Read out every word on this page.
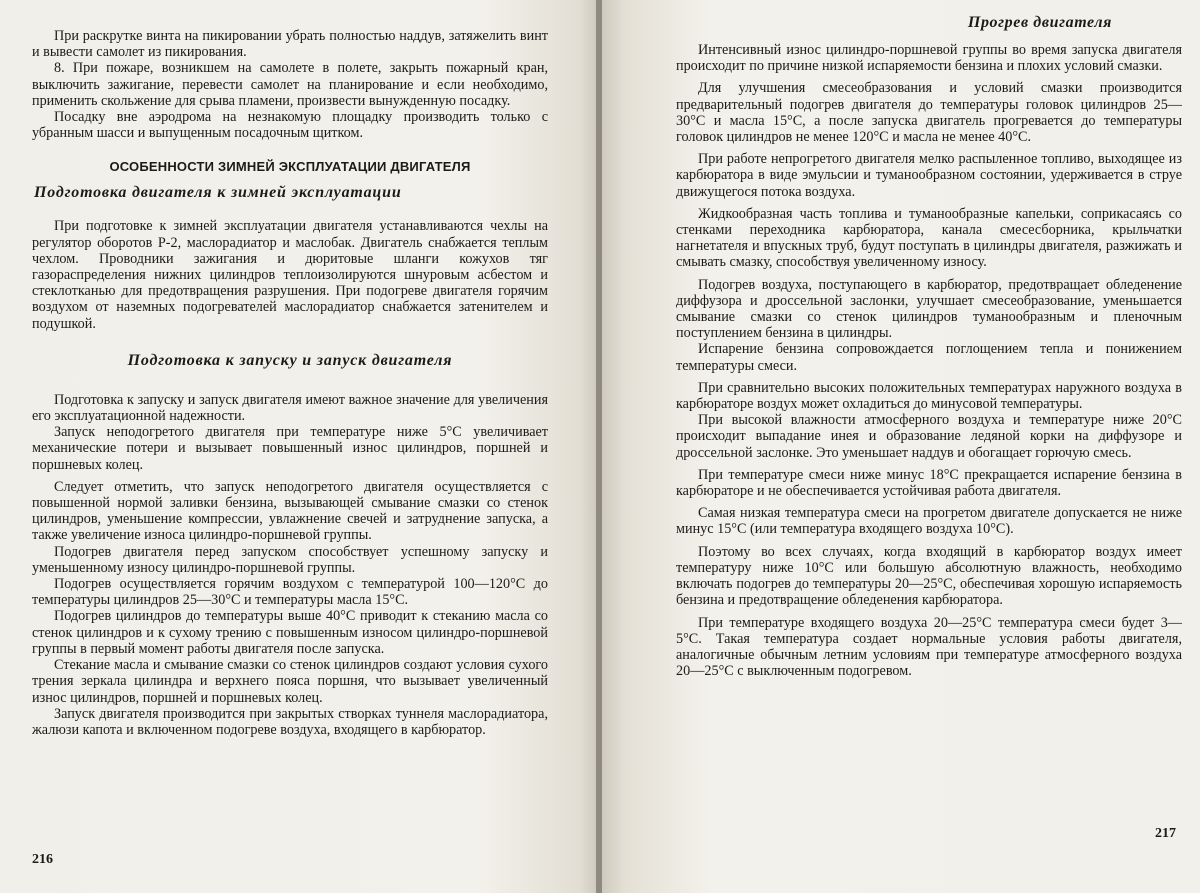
При раскрутке винта на пикировании убрать полностью наддув, затяжелить винт и вывести самолет из пикирования.

8. При пожаре, возникшем на самолете в полете, закрыть пожарный кран, выключить зажигание, перевести самолет на планирование и если необходимо, применить скольжение для срыва пламени, произвести вынужденную посадку.

Посадку вне аэродрома на незнакомую площадку производить только с убранным шасси и выпущенным посадочным щитком.

ОСОБЕННОСТИ ЗИМНЕЙ ЭКСПЛУАТАЦИИ ДВИГАТЕЛЯ
Подготовка двигателя к зимней эксплуатации

При подготовке к зимней эксплуатации двигателя устанавливаются чехлы на регулятор оборотов Р-2, маслорадиатор и маслобак. Двигатель снабжается теплым чехлом. Проводники зажигания и дюритовые шланги кожухов тяг газораспределения нижних цилиндров теплоизолируются шнуровым асбестом и стеклотканью для предотвращения разрушения. При подогреве двигателя горячим воздухом от наземных подогревателей маслорадиатор снабжается затенителем и подушкой.

Подготовка к запуску и запуск двигателя

Подготовка к запуску и запуск двигателя имеют важное значение для увеличения его эксплуатационной надежности.

Запуск неподогретого двигателя при температуре ниже 5°С увеличивает механические потери и вызывает повышенный износ цилиндров, поршней и поршневых колец.

Следует отметить, что запуск неподогретого двигателя осуществляется с повышенной нормой заливки бензина, вызывающей смывание смазки со стенок цилиндров, уменьшение компрессии, увлажнение свечей и затруднение запуска, а также увеличение износа цилиндро-поршневой группы.

Подогрев двигателя перед запуском способствует успешному запуску и уменьшенному износу цилиндро-поршневой группы.

Подогрев осуществляется горячим воздухом с температурой 100—120°С до температуры цилиндров 25—30°С и температуры масла 15°С.

Подогрев цилиндров до температуры выше 40°С приводит к стеканию масла со стенок цилиндров и к сухому трению с повышенным износом цилиндро-поршневой группы в первый момент работы двигателя после запуска.

Стекание масла и смывание смазки со стенок цилиндров создают условия сухого трения зеркала цилиндра и верхнего пояса поршня, что вызывает увеличенный износ цилиндров, поршней и поршневых колец.

Запуск двигателя производится при закрытых створках туннеля маслорадиатора, жалюзи капота и включенном подогреве воздуха, входящего в карбюратор.

216
Прогрев двигателя

Интенсивный износ цилиндро-поршневой группы во время запуска двигателя происходит по причине низкой испаряемости бензина и плохих условий смазки.

Для улучшения смесеобразования и условий смазки производится предварительный подогрев двигателя до температуры головок цилиндров 25—30°С и масла 15°С, а после запуска двигатель прогревается до температуры головок цилиндров не менее 120°С и масла не менее 40°С.

При работе непрогретого двигателя мелко распыленное топливо, выходящее из карбюратора в виде эмульсии и туманообразном состоянии, удерживается в струе движущегося потока воздуха.

Жидкообразная часть топлива и туманообразные капельки, соприкасаясь со стенками переходника карбюратора, канала смесесборника, крыльчатки нагнетателя и впускных труб, будут поступать в цилиндры двигателя, разжижать и смывать смазку, способствуя увеличенному износу.

Подогрев воздуха, поступающего в карбюратор, предотвращает обледенение диффузора и дроссельной заслонки, улучшает смесеобразование, уменьшается смывание смазки со стенок цилиндров туманообразным и пленочным поступлением бензина в цилиндры.

Испарение бензина сопровождается поглощением тепла и понижением температуры смеси.

При сравнительно высоких положительных температурах наружного воздуха в карбюраторе воздух может охладиться до минусовой температуры.

При высокой влажности атмосферного воздуха и температуре ниже 20°С происходит выпадание инея и образование ледяной корки на диффузоре и дроссельной заслонке. Это уменьшает наддув и обогащает горючую смесь.

При температуре смеси ниже минус 18°С прекращается испарение бензина в карбюраторе и не обеспечивается устойчивая работа двигателя.

Самая низкая температура смеси на прогретом двигателе допускается не ниже минус 15°С (или температура входящего воздуха 10°С).

Поэтому во всех случаях, когда входящий в карбюратор воздух имеет температуру ниже 10°С или большую абсолютную влажность, необходимо включать подогрев до температуры 20—25°С, обеспечивая хорошую испаряемость бензина и предотвращение обледенения карбюратора.

При температуре входящего воздуха 20—25°С температура смеси будет 3—5°С. Такая температура создает нормальные условия работы двигателя, аналогичные обычным летним условиям при температуре атмосферного воздуха 20—25°С с выключенным подогревом.

217
